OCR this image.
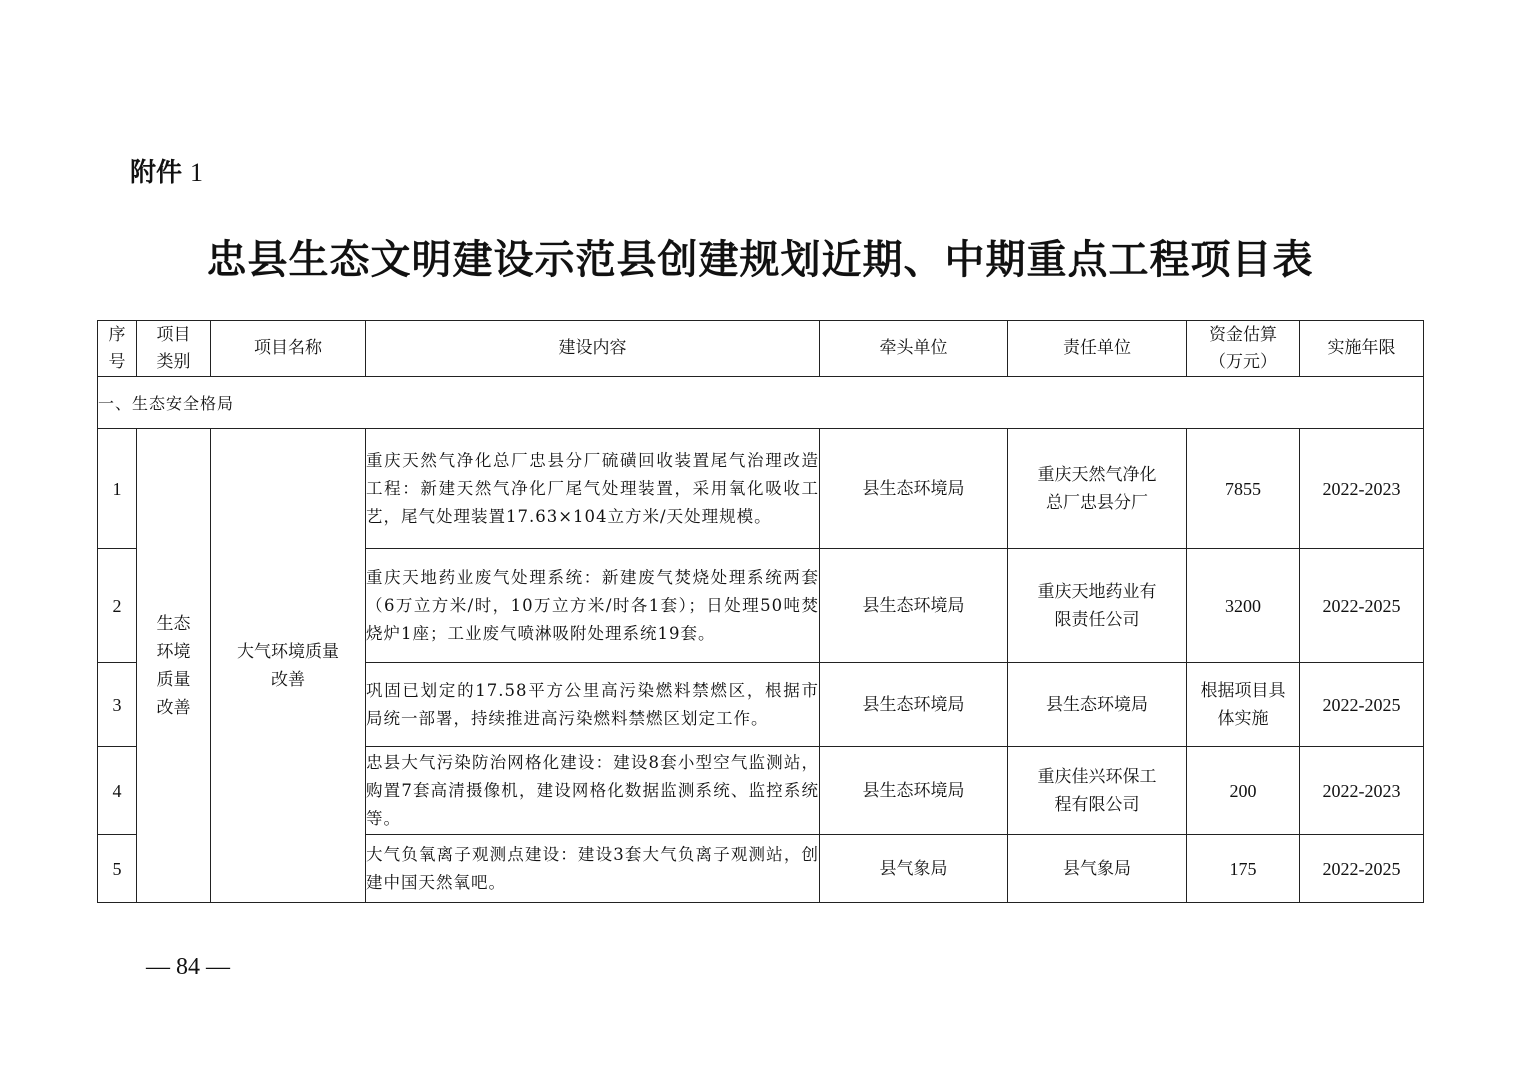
附件 1
忠县生态文明建设示范县创建规划近期、中期重点工程项目表
序号	项目类别	项目名称	建设内容	牵头单位	责任单位	资金估算（万元）	实施年限
一、生态安全格局							
1	生态环境质量改善	大气环境质量改善	重庆天然气净化总厂忠县分厂硫磺回收装置尾气治理改造工程：新建天然气净化厂尾气处理装置，采用氧化吸收工艺，尾气处理装置17.63×104立方米/天处理规模。	县生态环境局	重庆天然气净化总厂忠县分厂	7855	2022-2023
2			重庆天地药业废气处理系统：新建废气焚烧处理系统两套（6万立方米/时，10万立方米/时各1套）；日处理50吨焚烧炉1座；工业废气喷淋吸附处理系统19套。	县生态环境局	重庆天地药业有限责任公司	3200	2022-2025
3			巩固已划定的17.58平方公里高污染燃料禁燃区，根据市局统一部署，持续推进高污染燃料禁燃区划定工作。	县生态环境局	县生态环境局	根据项目具体实施	2022-2025
4			忠县大气污染防治网格化建设：建设8套小型空气监测站，购置7套高清摄像机，建设网格化数据监测系统、监控系统等。	县生态环境局	重庆佳兴环保工程有限公司	200	2022-2023
5			大气负氧离子观测点建设：建设3套大气负离子观测站，创建中国天然氧吧。	县气象局	县气象局	175	2022-2025
— 84 —
